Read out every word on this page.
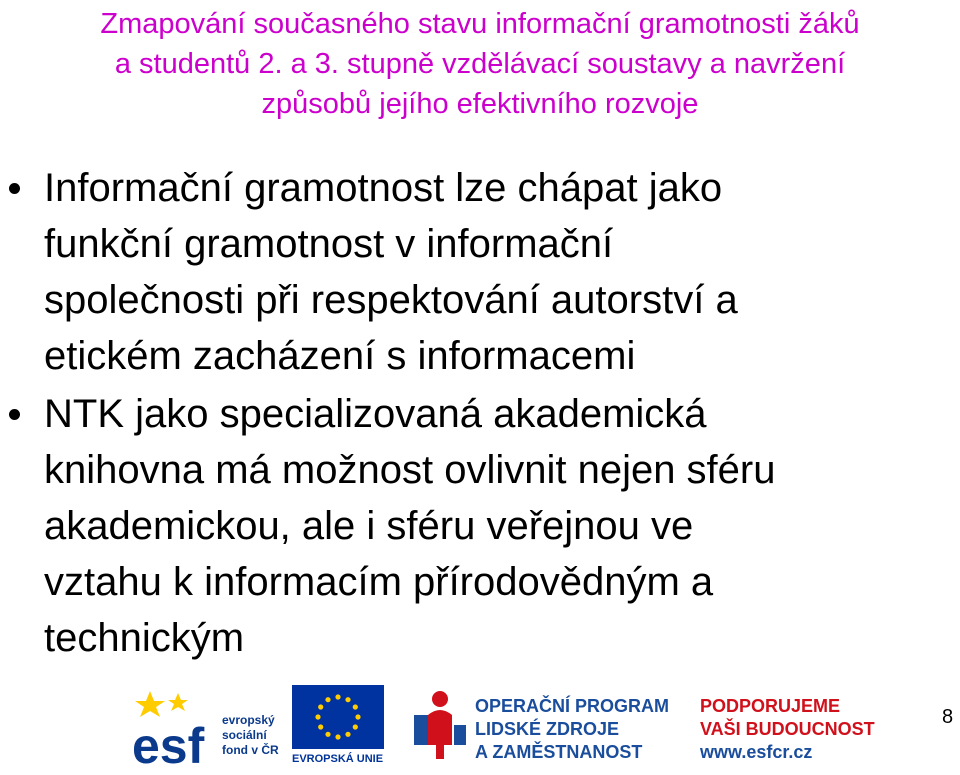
Zmapování současného stavu informační gramotnosti žáků
a studentů 2. a 3. stupně vzdělávací soustavy a navržení
způsobů jejího efektivního rozvoje
Informační gramotnost lze chápat jako
funkční gramotnost v informační
společnosti při respektování autorství a
etickém zacházení s informacemi
NTK jako specializovaná akademická
knihovna má možnost ovlivnit nejen sféru
akademickou, ale i sféru veřejnou ve
vztahu k informacím přírodovědným a
technickým
esf evropský
sociální
fond v ČR
EVROPSKÁ UNIE
OPERAČNÍ PROGRAM
LIDSKÉ ZDROJE
A ZAMĚSTNANOST
PODPORUJEME
VAŠI BUDOUCNOST
www.esfcr.cz
8
